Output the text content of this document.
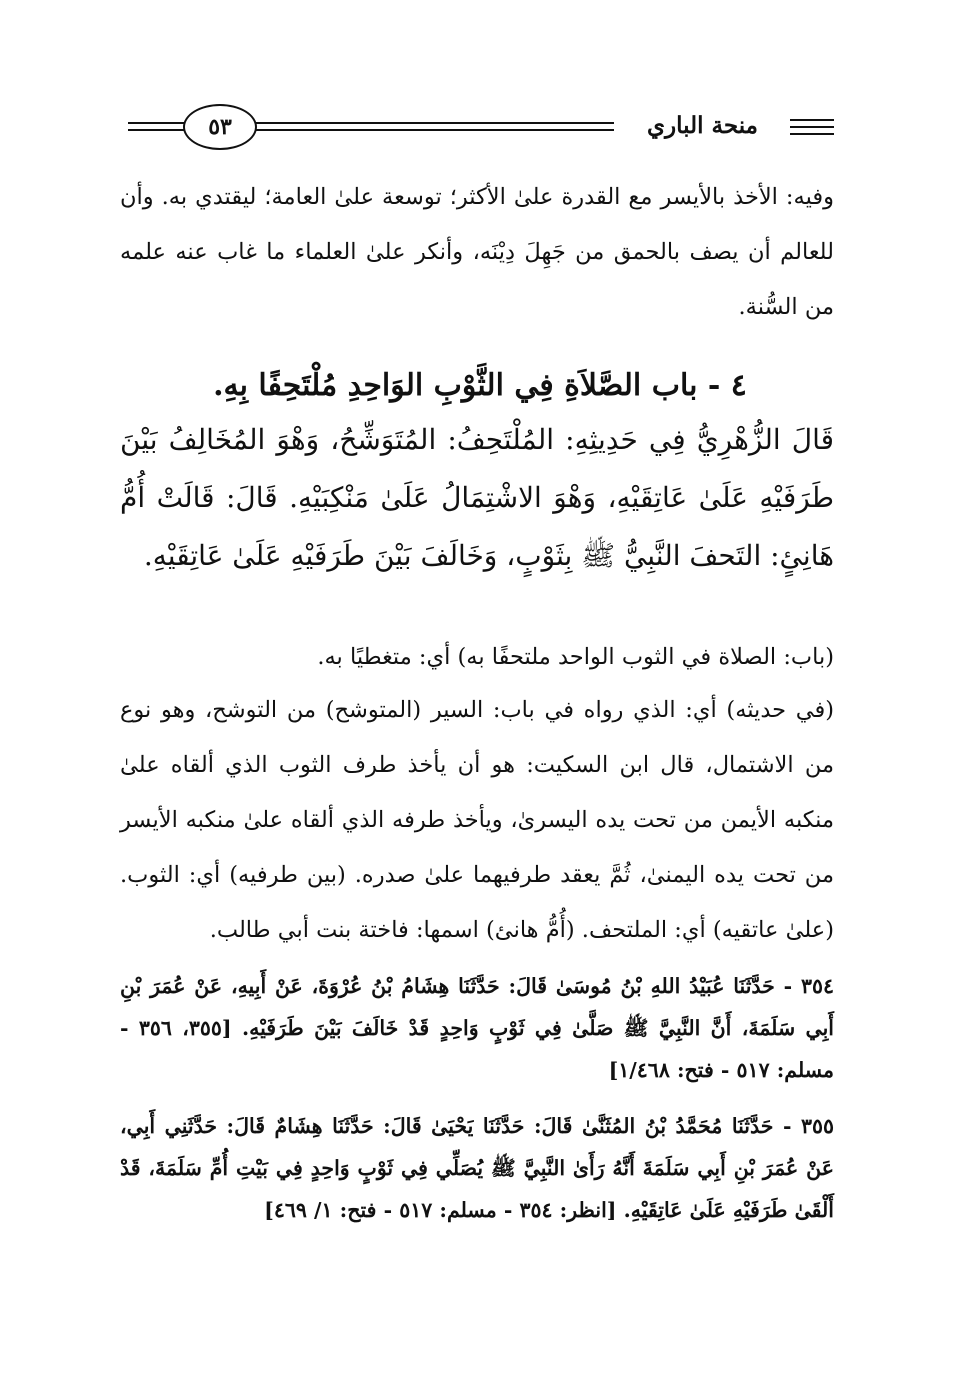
٥٣	منحة الباري
وفيه: الأخذ بالأيسر مع القدرة علىٰ الأكثر؛ توسعة علىٰ العامة؛ ليقتدي به. وأن للعالم أن يصف بالحمق من جَهِلَ دِيْنَه، وأنكر علىٰ العلماء ما غاب عنه علمه من السُّنة.
٤ - باب الصَّلاَةِ فِي الثَّوْبِ الوَاحِدِ مُلْتَحِفًا بِهِ.
قَالَ الزُّهْرِيُّ فِي حَدِيثِهِ: المُلْتَحِفُ: المُتَوَشِّحُ، وَهْوَ المُخَالِفُ بَيْنَ طَرَفَيْهِ عَلَىٰ عَاتِقَيْهِ، وَهْوَ الاشْتِمَالُ عَلَىٰ مَنْكِبَيْهِ. قَالَ: قَالَتْ أُمُّ هَانِئٍ: التَحفَ النَّبِيُّ ﷺ بِثَوْبٍ، وَخَالَفَ بَيْنَ طَرَفَيْهِ عَلَىٰ عَاتِقَيْهِ.
(باب: الصلاة في الثوب الواحد ملتحفًا به) أي: متغطيًا به.
(في حديثه) أي: الذي رواه في باب: السير (المتوشح) من التوشح، وهو نوع من الاشتمال، قال ابن السكيت: هو أن يأخذ طرف الثوب الذي ألقاه علىٰ منكبه الأيمن من تحت يده اليسرىٰ، ويأخذ طرفه الذي ألقاه علىٰ منكبه الأيسر من تحت يده اليمنىٰ، ثُمَّ يعقد طرفيهما علىٰ صدره. (بين طرفيه) أي: الثوب. (علىٰ عاتقيه) أي: الملتحف. (أُمُّ هانئ) اسمها: فاختة بنت أبي طالب.
٣٥٤ - حَدَّثَنَا عُبَيْدُ اللهِ بْنُ مُوسَىٰ قَالَ: حَدَّثَنَا هِشَامُ بْنُ عُرْوَةَ، عَنْ أَبِيهِ، عَنْ عُمَرَ بْنِ أَبِي سَلَمَةَ، أَنَّ النَّبِيَّ ﷺ صَلَّىٰ فِي ثَوْبٍ وَاحِدٍ قَدْ خَالَفَ بَيْنَ طَرَفَيْهِ. [٣٥٥، ٣٥٦ - مسلم: ٥١٧ - فتح: ١/٤٦٨]
٣٥٥ - حَدَّثَنَا مُحَمَّدُ بْنُ المُثَنَّىٰ قَالَ: حَدَّثَنَا يَحْيَىٰ قَالَ: حَدَّثَنَا هِشَامٌ قَالَ: حَدَّثَنِي أَبِي، عَنْ عُمَرَ بْنِ أَبِي سَلَمَةَ أَنَّهُ رَأَىٰ النَّبِيَّ ﷺ يُصَلِّي فِي ثَوْبٍ وَاحِدٍ فِي بَيْتِ أُمِّ سَلَمَةَ، قَدْ أَلْقَىٰ طَرَفَيْهِ عَلَىٰ عَاتِقَيْهِ. [انظر: ٣٥٤ - مسلم: ٥١٧ - فتح: ١/ ٤٦٩]
